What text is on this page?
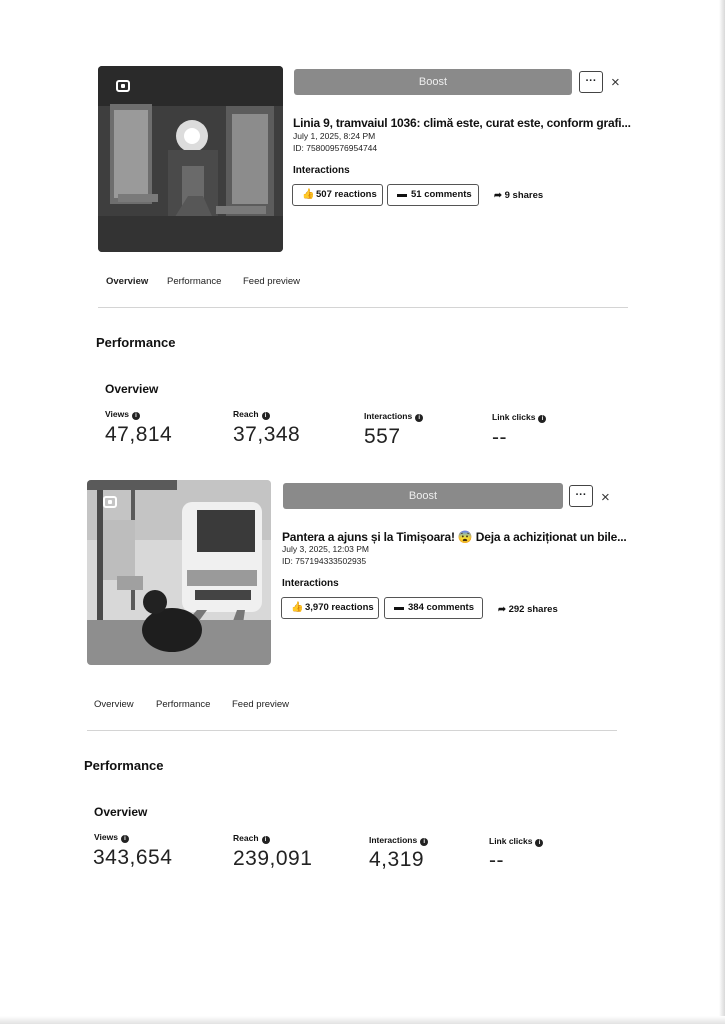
Boost	··· ×
Linia 9, tramvaiul 1036: climă este, curat este, conform grafi...
July 1, 2025, 8:24 PM
ID: 758009576954744
Interactions
👍 507 reactions	▬ 51 comments	➦ 9 shares
Overview Performance Feed preview
Performance
Overview
Views i
47,814
Reach i
37,348
Interactions i
557
Link clicks i
--
Boost	··· ×
Pantera a ajuns și la Timișoara! 😨 Deja a achiziționat un bile...
July 3, 2025, 12:03 PM
ID: 757194333502935
Interactions
👍 3,970 reactions	▬ 384 comments	➦ 292 shares
Overview Performance Feed preview
Performance
Overview
Views i
343,654
Reach i
239,091
Interactions i
4,319
Link clicks i
--
